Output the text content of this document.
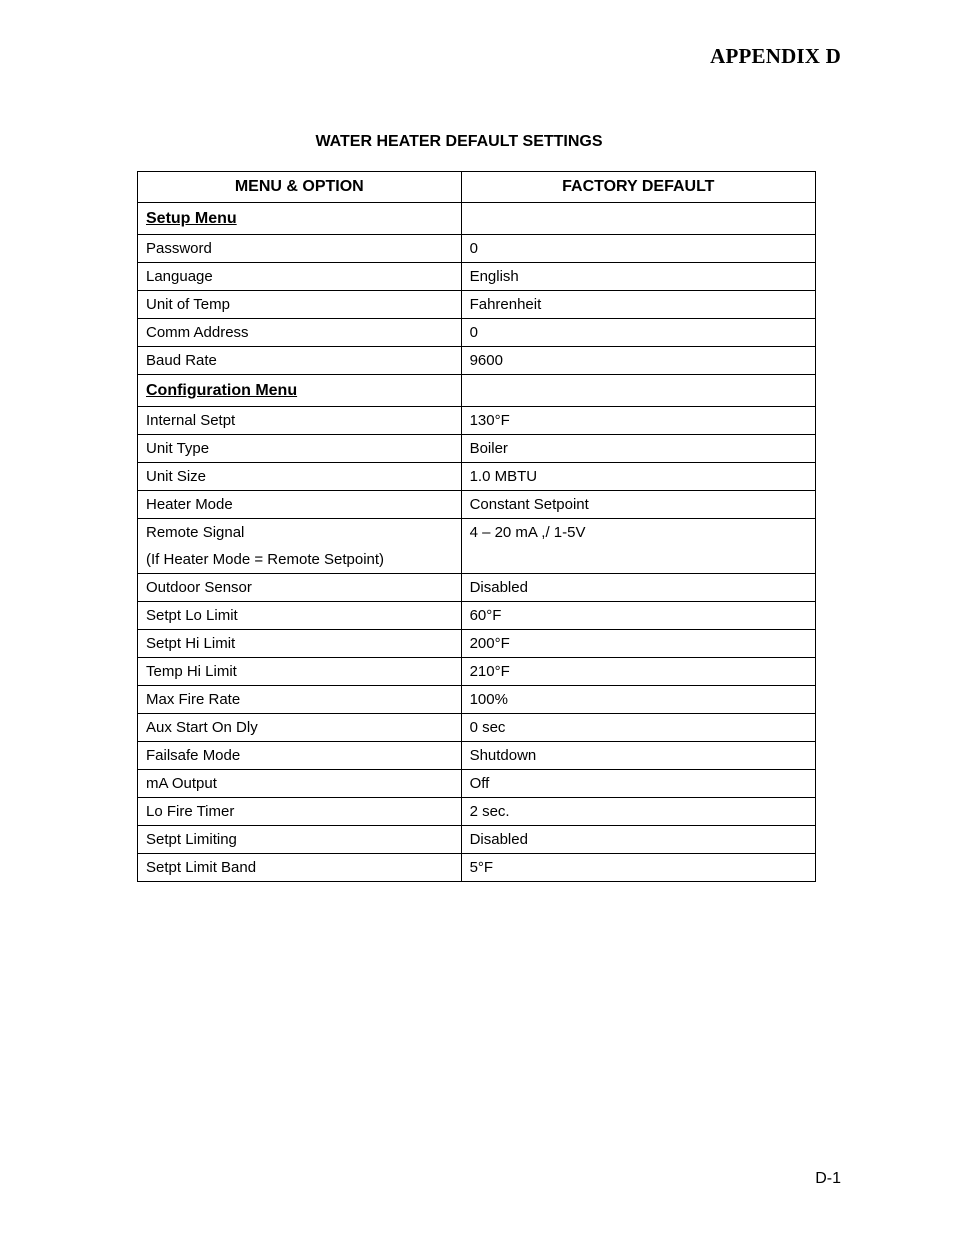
APPENDIX D
WATER HEATER DEFAULT SETTINGS
MENU & OPTION	FACTORY DEFAULT
Setup Menu	
Password	0
Language	English
Unit of Temp	Fahrenheit
Comm Address	0
Baud Rate	9600
Configuration Menu	
Internal Setpt	130°F
Unit Type	Boiler
Unit Size	1.0 MBTU
Heater Mode	Constant Setpoint

Remote Signal
(If Heater Mode = Remote Setpoint)	4 – 20 mA ,/ 1-5V
Outdoor Sensor	Disabled
Setpt Lo Limit	60°F
Setpt Hi Limit	200°F
Temp Hi Limit	210°F
Max Fire Rate	100%
Aux Start On Dly	0 sec
Failsafe Mode	Shutdown
mA Output	Off
Lo Fire Timer	2 sec.
Setpt Limiting	Disabled
Setpt Limit Band	5°F
D-1
